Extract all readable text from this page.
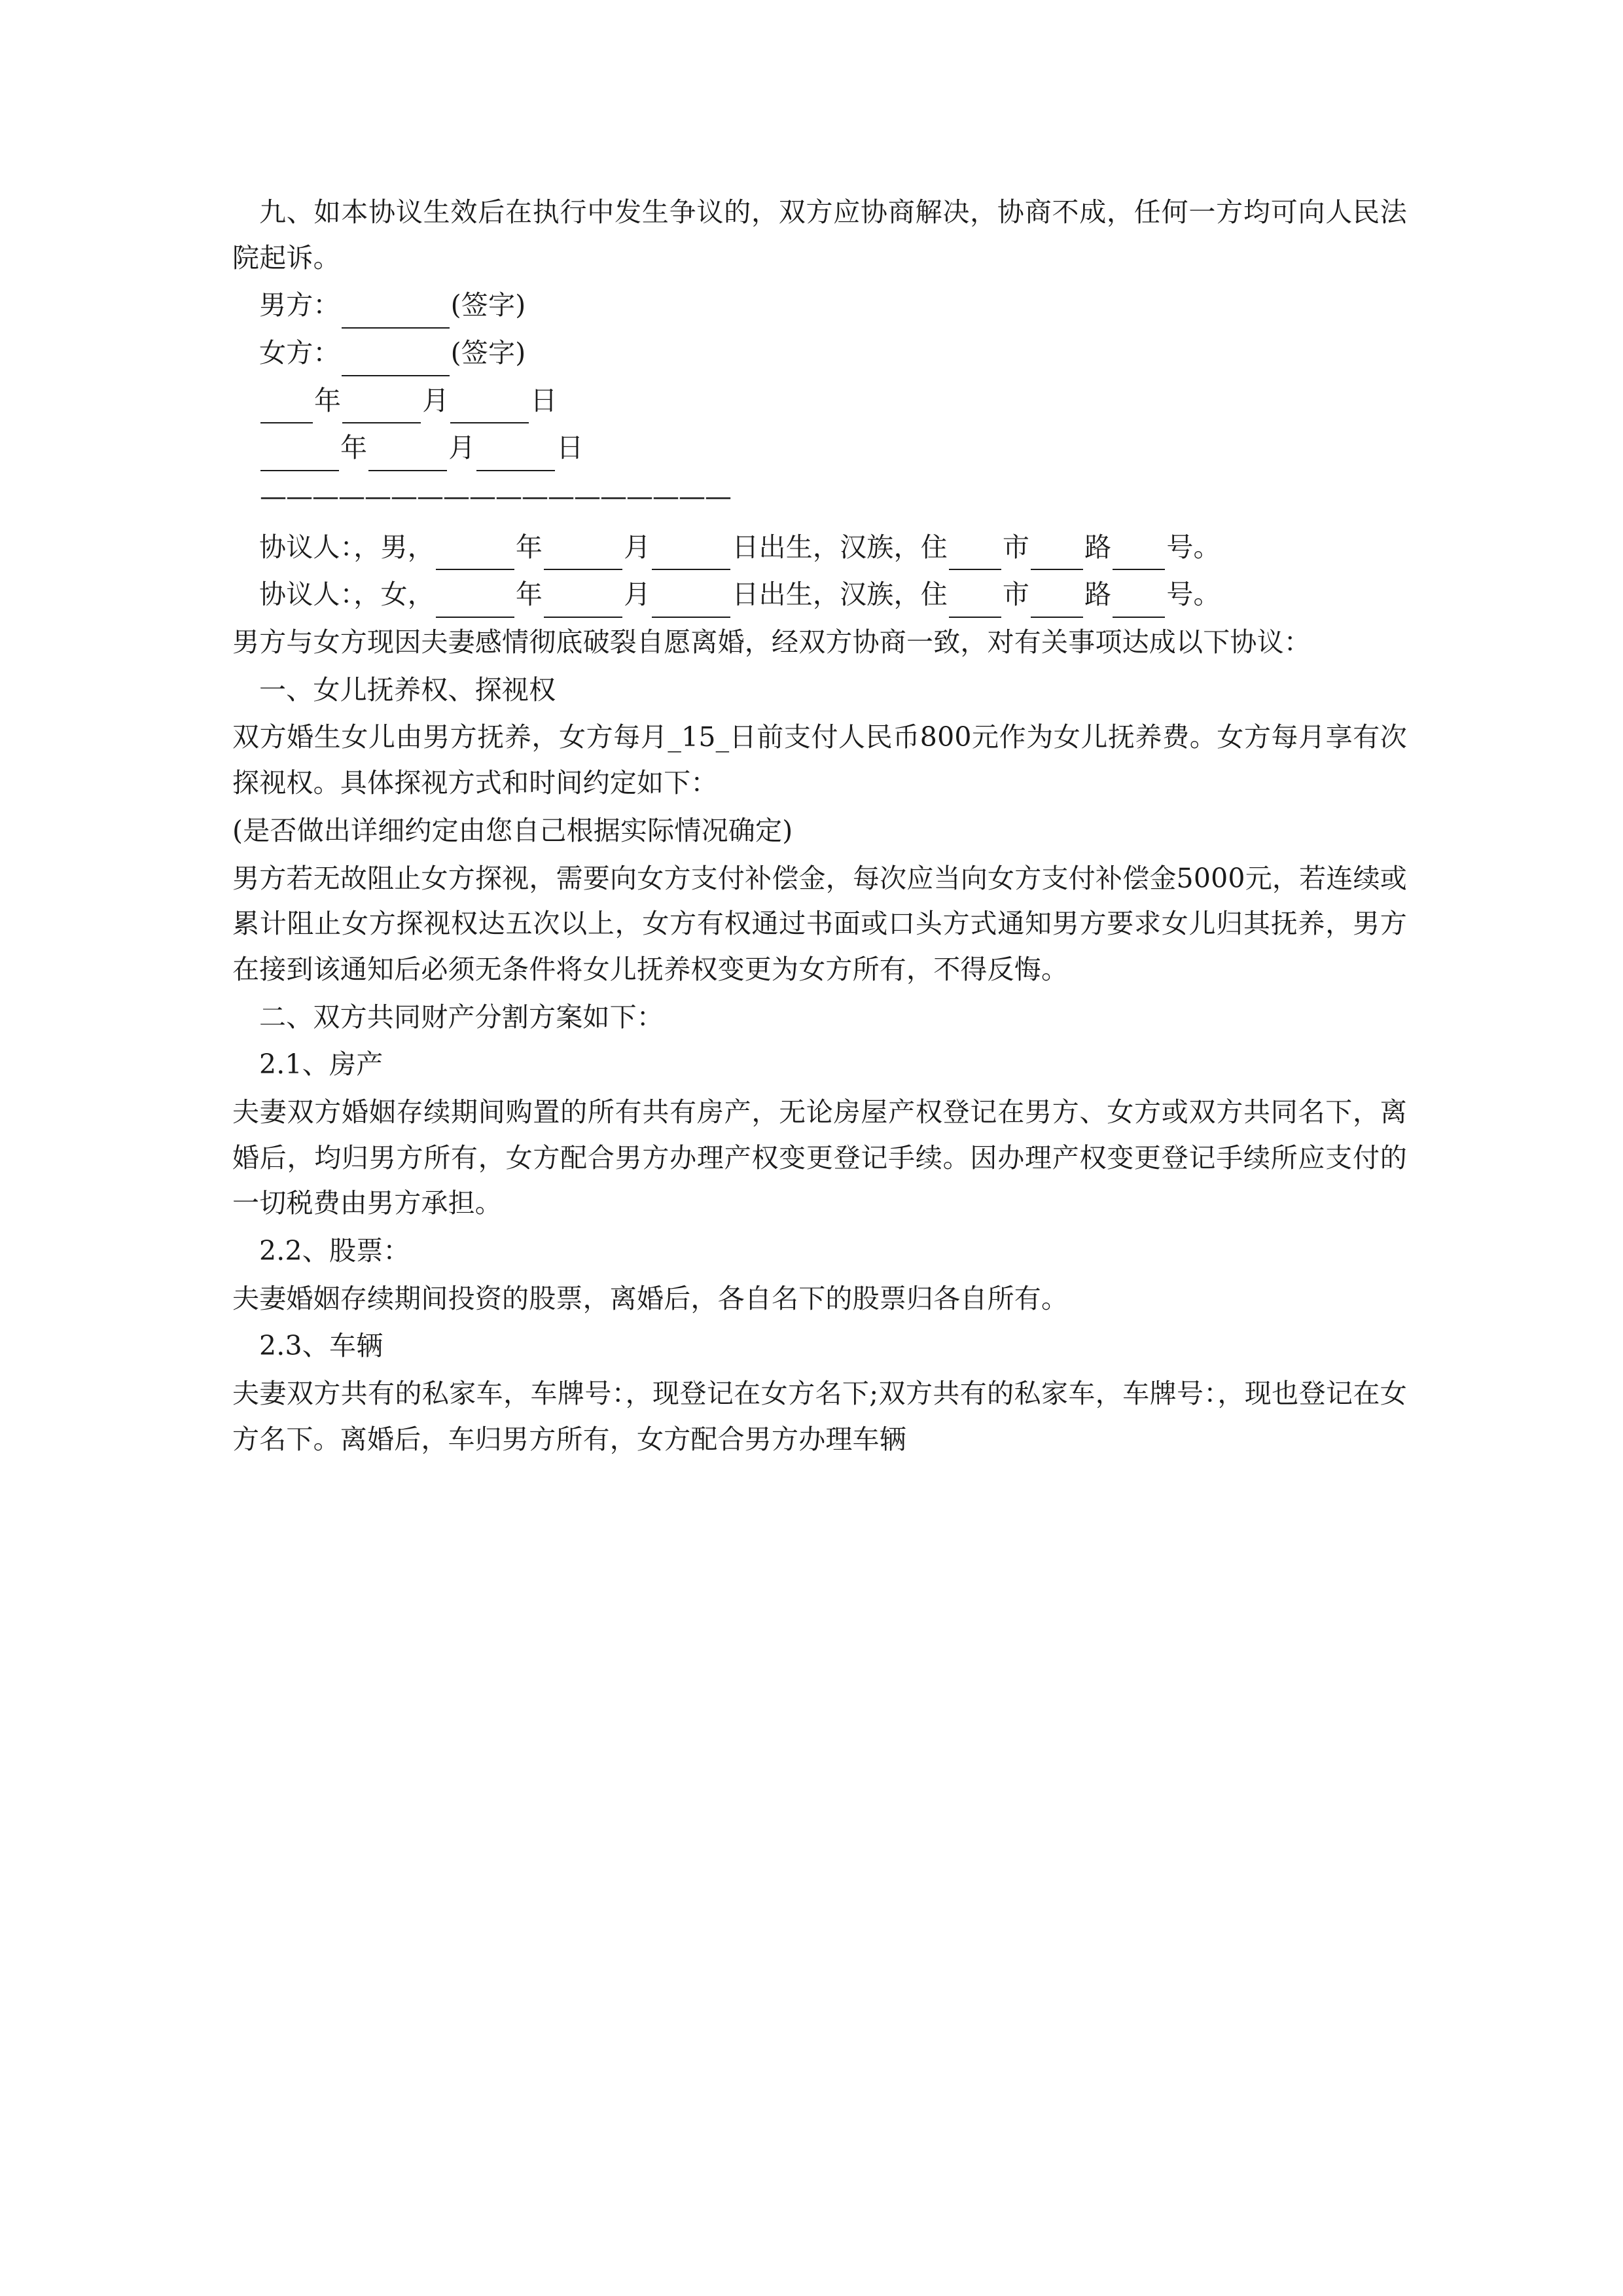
九、如本协议生效后在执行中发生争议的，双方应协商解决，协商不成，任何一方均可向人民法院起诉。

男方：	(签字)

女方：	(签字)

年	月	日

年	月	日

——————————————————

协议人：，男，	年	月	日出生，汉族，住 市 路 号。

协议人：，女，	年	月	日出生，汉族，住 市 路 号。

男方与女方现因夫妻感情彻底破裂自愿离婚，经双方协商一致，对有关事项达成以下协议：

一、女儿抚养权、探视权

双方婚生女儿由男方抚养，女方每月_15_日前支付人民币800元作为女儿抚养费。女方每月享有次探视权。具体探视方式和时间约定如下：

(是否做出详细约定由您自己根据实际情况确定)

男方若无故阻止女方探视，需要向女方支付补偿金，每次应当向女方支付补偿金5000元，若连续或累计阻止女方探视权达五次以上，女方有权通过书面或口头方式通知男方要求女儿归其抚养，男方在接到该通知后必须无条件将女儿抚养权变更为女方所有，不得反悔。

二、双方共同财产分割方案如下：

2.1、房产

夫妻双方婚姻存续期间购置的所有共有房产，无论房屋产权登记在男方、女方或双方共同名下，离婚后，均归男方所有，女方配合男方办理产权变更登记手续。因办理产权变更登记手续所应支付的一切税费由男方承担。

2.2、股票：

夫妻婚姻存续期间投资的股票，离婚后，各自名下的股票归各自所有。

2.3、车辆

夫妻双方共有的私家车，车牌号：，现登记在女方名下;双方共有的私家车，车牌号：，现也登记在女方名下。离婚后，车归男方所有，女方配合男方办理车辆
